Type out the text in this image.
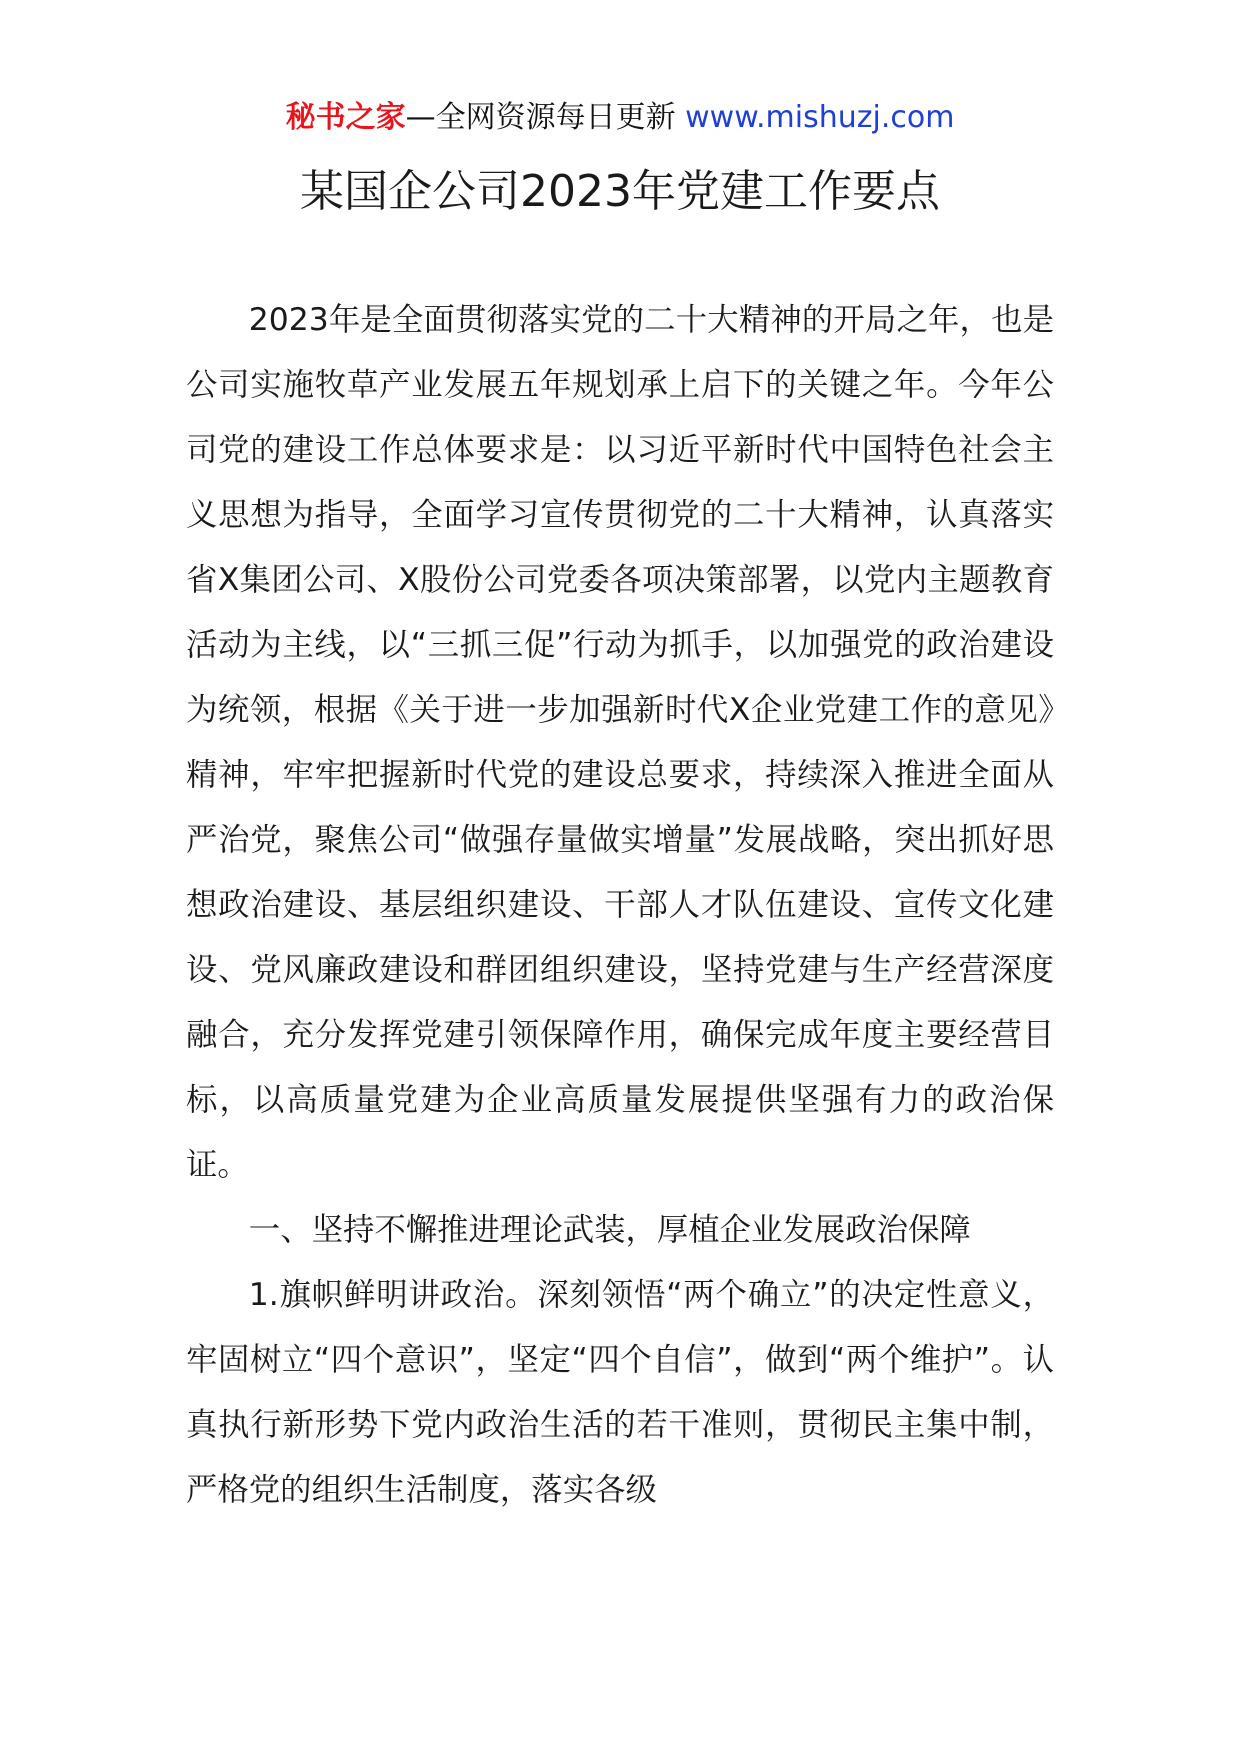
秘书之家—全网资源每日更新 www.mishuzj.com
某国企公司2023年党建工作要点

2023年是全面贯彻落实党的二十大精神的开局之年，也是公司实施牧草产业发展五年规划承上启下的关键之年。今年公司党的建设工作总体要求是：以习近平新时代中国特色社会主义思想为指导，全面学习宣传贯彻党的二十大精神，认真落实省X集团公司、X股份公司党委各项决策部署，以党内主题教育活动为主线，以“三抓三促”行动为抓手，以加强党的政治建设为统领，根据《关于进一步加强新时代X企业党建工作的意见》精神，牢牢把握新时代党的建设总要求，持续深入推进全面从严治党，聚焦公司“做强存量做实增量”发展战略，突出抓好思想政治建设、基层组织建设、干部人才队伍建设、宣传文化建设、党风廉政建设和群团组织建设，坚持党建与生产经营深度融合，充分发挥党建引领保障作用，确保完成年度主要经营目标，以高质量党建为企业高质量发展提供坚强有力的政治保证。

一、坚持不懈推进理论武装，厚植企业发展政治保障

1.旗帜鲜明讲政治。深刻领悟“两个确立”的决定性意义，牢固树立“四个意识”，坚定“四个自信”，做到“两个维护”。认真执行新形势下党内政治生活的若干准则，贯彻民主集中制，严格党的组织生活制度，落实各级
